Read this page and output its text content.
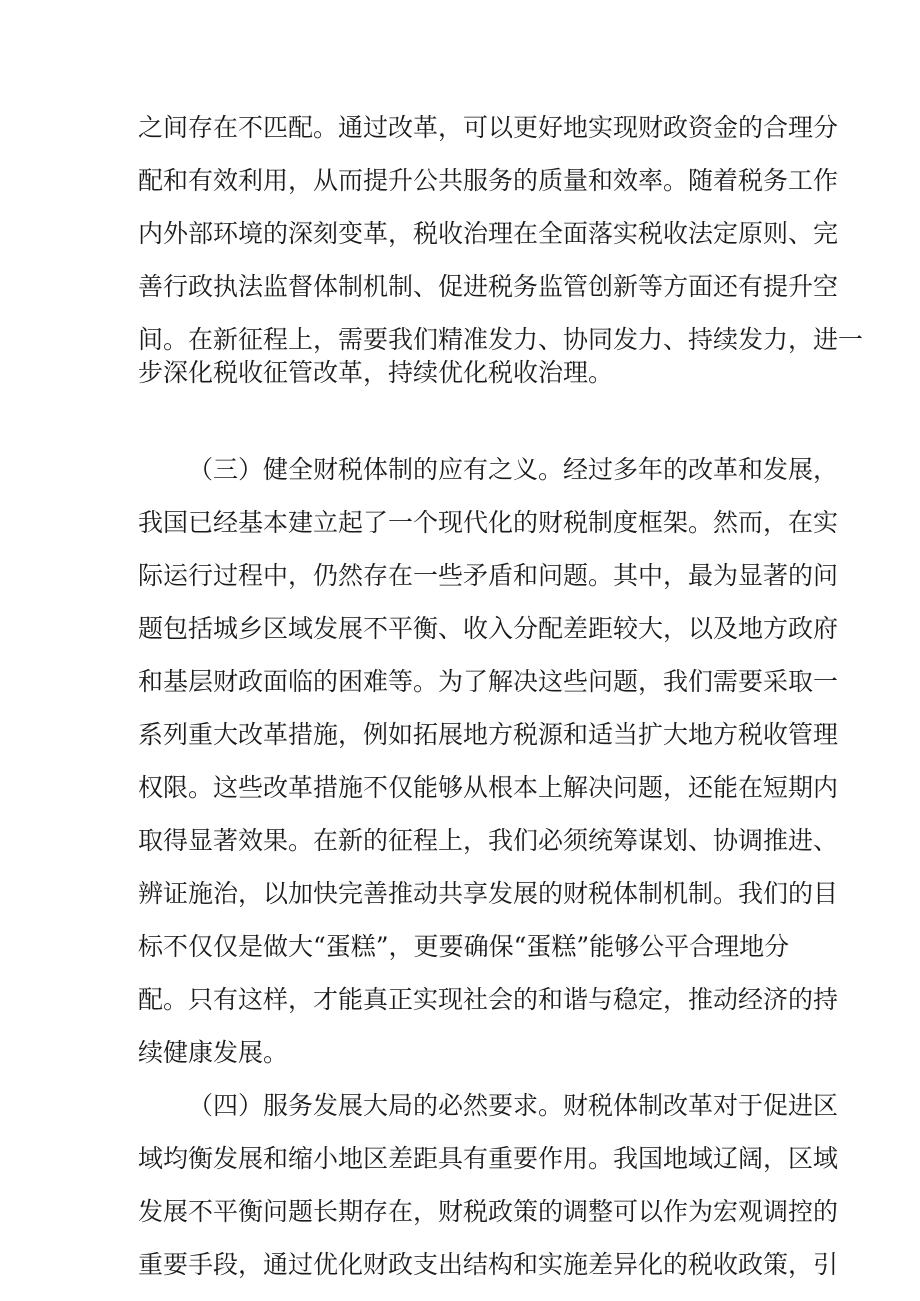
之间存在不匹配。通过改革，可以更好地实现财政资金的合理分
配和有效利用，从而提升公共服务的质量和效率。随着税务工作
内外部环境的深刻变革，税收治理在全面落实税收法定原则、完
善行政执法监督体制机制、促进税务监管创新等方面还有提升空
间。在新征程上，需要我们精准发力、协同发力、持续发力，进一
步深化税收征管改革，持续优化税收治理。
（三）健全财税体制的应有之义。经过多年的改革和发展，
我国已经基本建立起了一个现代化的财税制度框架。然而，在实
际运行过程中，仍然存在一些矛盾和问题。其中，最为显著的问
题包括城乡区域发展不平衡、收入分配差距较大，以及地方政府
和基层财政面临的困难等。为了解决这些问题，我们需要采取一
系列重大改革措施，例如拓展地方税源和适当扩大地方税收管理
权限。这些改革措施不仅能够从根本上解决问题，还能在短期内
取得显著效果。在新的征程上，我们必须统筹谋划、协调推进、
辨证施治，以加快完善推动共享发展的财税体制机制。我们的目
标不仅仅是做大“蛋糕”，更要确保“蛋糕”能够公平合理地分
配。只有这样，才能真正实现社会的和谐与稳定，推动经济的持
续健康发展。
（四）服务发展大局的必然要求。财税体制改革对于促进区
域均衡发展和缩小地区差距具有重要作用。我国地域辽阔，区域
发展不平衡问题长期存在，财税政策的调整可以作为宏观调控的
重要手段，通过优化财政支出结构和实施差异化的税收政策，引
